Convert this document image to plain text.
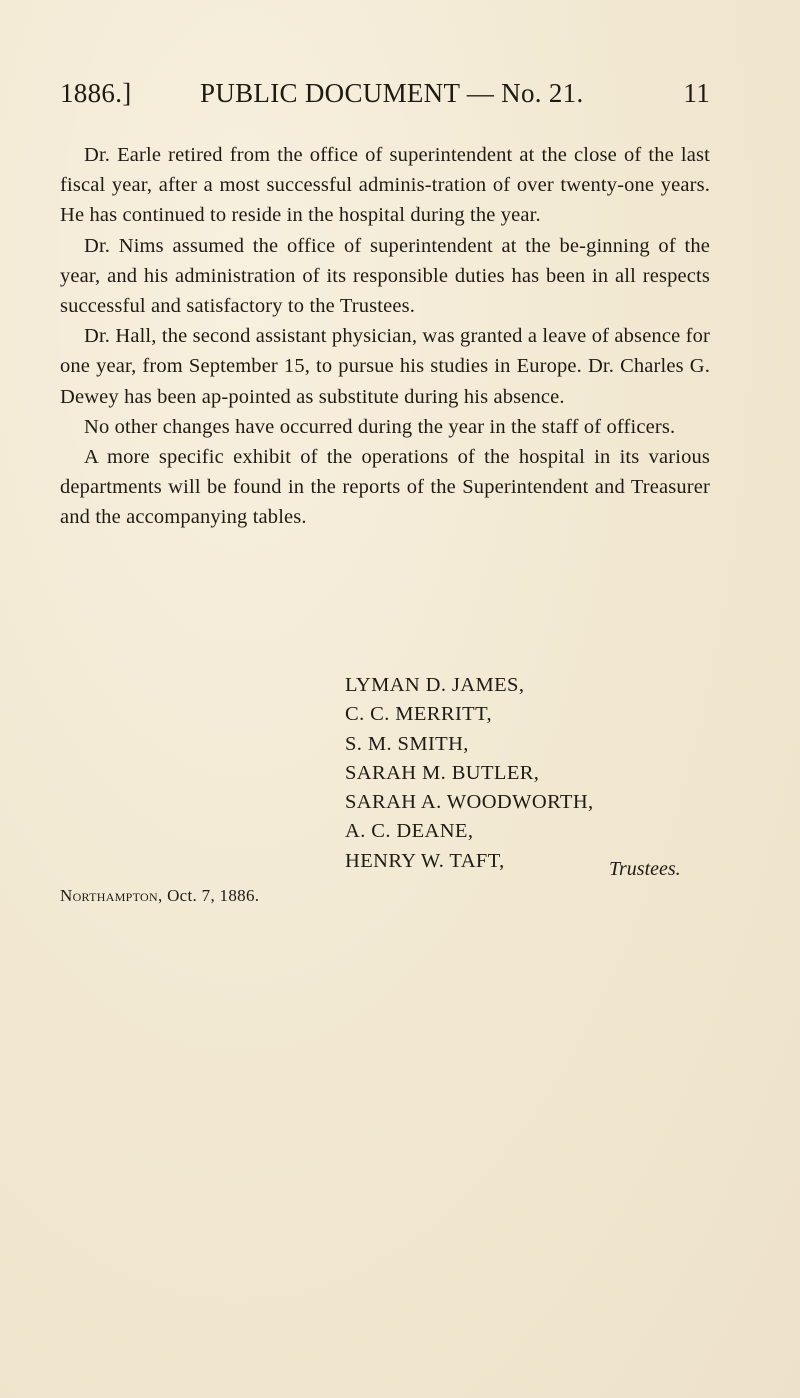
1886.]	PUBLIC DOCUMENT — No. 21.	11

Dr. Earle retired from the office of superintendent at the close of the last fiscal year, after a most successful adminis-tration of over twenty-one years. He has continued to reside in the hospital during the year.

Dr. Nims assumed the office of superintendent at the be-ginning of the year, and his administration of its responsible duties has been in all respects successful and satisfactory to the Trustees.

Dr. Hall, the second assistant physician, was granted a leave of absence for one year, from September 15, to pursue his studies in Europe. Dr. Charles G. Dewey has been ap-pointed as substitute during his absence.

No other changes have occurred during the year in the staff of officers.

A more specific exhibit of the operations of the hospital in its various departments will be found in the reports of the Superintendent and Treasurer and the accompanying tables.

LYMAN D. JAMES,
C. C. MERRITT,
S. M. SMITH,
SARAH M. BUTLER,
SARAH A. WOODWORTH,
A. C. DEANE,
HENRY W. TAFT,	Trustees.
Northampton, Oct. 7, 1886.
